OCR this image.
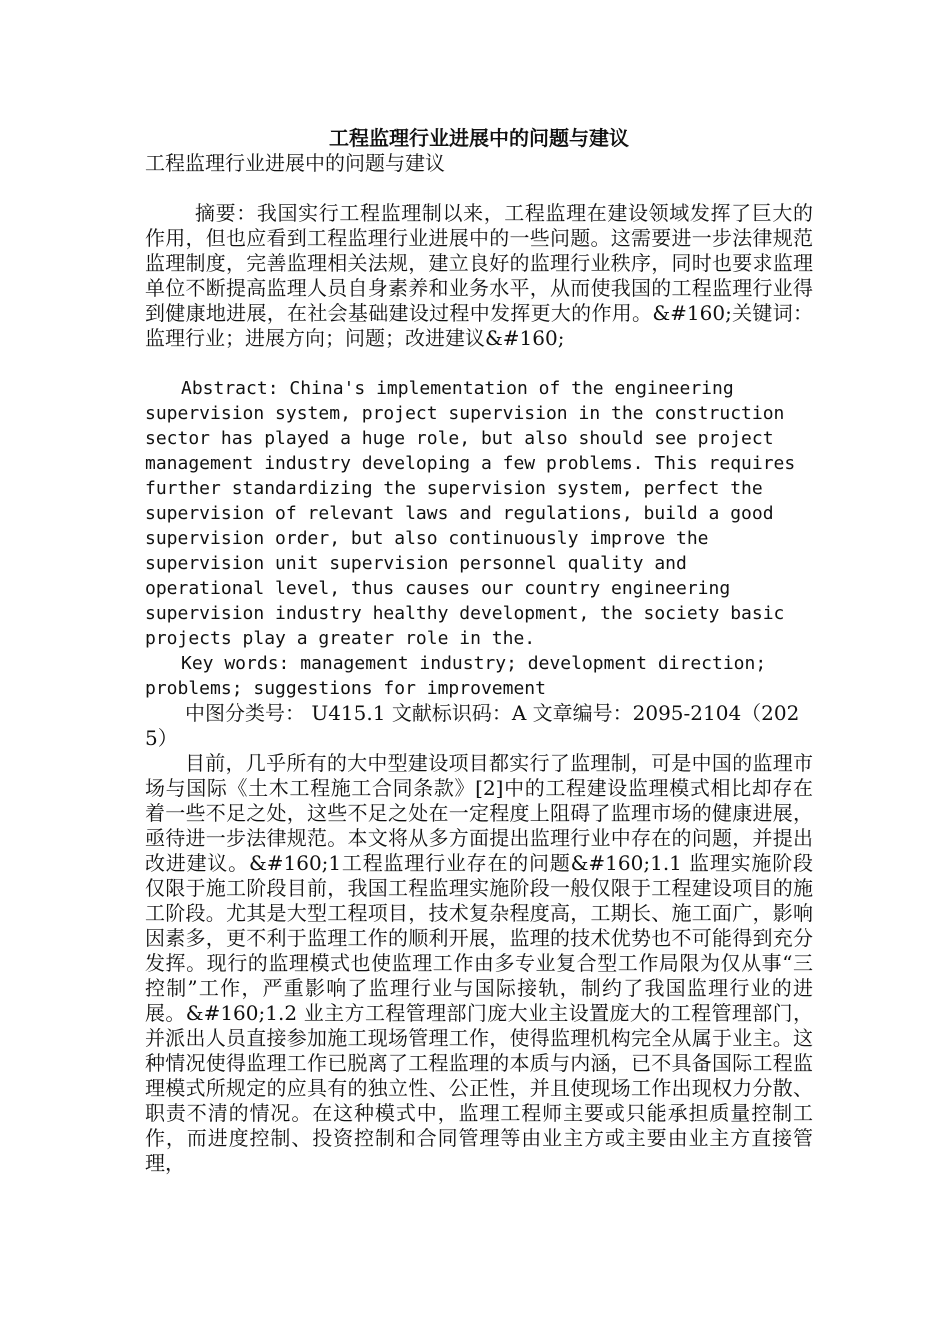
工程监理行业进展中的问题与建议

工程监理行业进展中的问题与建议

摘要：我国实行工程监理制以来，工程监理在建设领域发挥了巨大的作用，但也应看到工程监理行业进展中的一些问题。这需要进一步法律规范监理制度，完善监理相关法规，建立良好的监理行业秩序，同时也要求监理单位不断提高监理人员自身素养和业务水平，从而使我国的工程监理行业得到健康地进展，在社会基础建设过程中发挥更大的作用。&#160;关键词：监理行业；进展方向；问题；改进建议&#160;

Abstract: China's implementation of the engineering supervision system, project supervision in the construction sector has played a huge role, but also should see project management industry developing a few problems. This requires further standardizing the supervision system, perfect the supervision of relevant laws and regulations, build a good supervision order, but also continuously improve the supervision unit supervision personnel quality and operational level, thus causes our country engineering supervision industry healthy development, the society basic projects play a greater role in the.

Key words: management industry; development direction; problems; suggestions for improvement

中图分类号： U415.1 文献标识码：A 文章编号：2095-2104（2025）

目前，几乎所有的大中型建设项目都实行了监理制，可是中国的监理市场与国际《土木工程施工合同条款》[2]中的工程建设监理模式相比却存在着一些不足之处，这些不足之处在一定程度上阻碍了监理市场的健康进展，亟待进一步法律规范。本文将从多方面提出监理行业中存在的问题，并提出改进建议。&#160;1工程监理行业存在的问题&#160;1.1 监理实施阶段仅限于施工阶段目前，我国工程监理实施阶段一般仅限于工程建设项目的施工阶段。尤其是大型工程项目，技术复杂程度高，工期长、施工面广，影响因素多，更不利于监理工作的顺利开展，监理的技术优势也不可能得到充分发挥。现行的监理模式也使监理工作由多专业复合型工作局限为仅从事“三控制”工作，严重影响了监理行业与国际接轨，制约了我国监理行业的进展。&#160;1.2 业主方工程管理部门庞大业主设置庞大的工程管理部门，并派出人员直接参加施工现场管理工作，使得监理机构完全从属于业主。这种情况使得监理工作已脱离了工程监理的本质与内涵，已不具备国际工程监理模式所规定的应具有的独立性、公正性，并且使现场工作出现权力分散、职责不清的情况。在这种模式中，监理工程师主要或只能承担质量控制工作，而进度控制、投资控制和合同管理等由业主方或主要由业主方直接管理，
